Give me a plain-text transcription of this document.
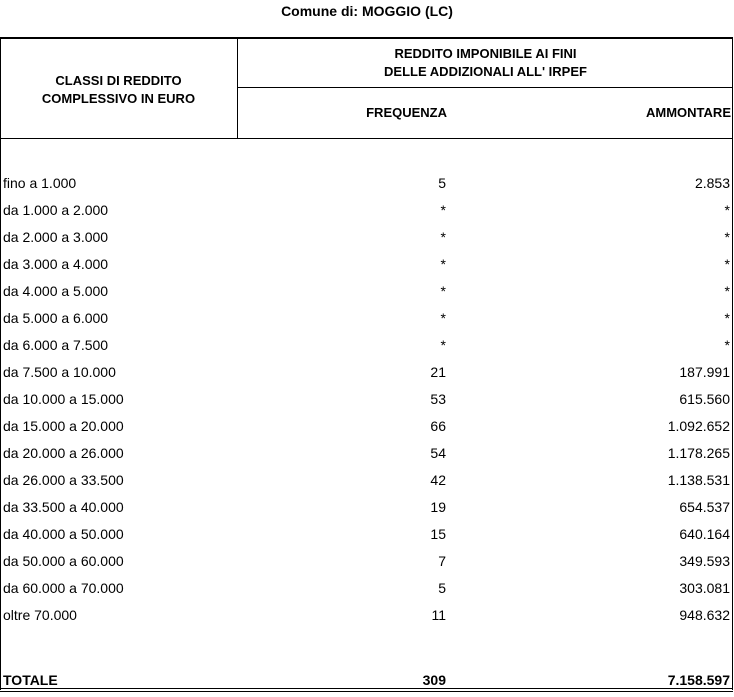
Comune di: MOGGIO (LC)
CLASSI DI REDDITO
COMPLESSIVO IN EURO
REDDITO IMPONIBILE AI FINI
DELLE ADDIZIONALI ALL' IRPEF
FREQUENZA	AMMONTARE
fino a 1.000	5	2.853
da 1.000 a 2.000	*	*
da 2.000 a 3.000	*	*
da 3.000 a 4.000	*	*
da 4.000 a 5.000	*	*
da 5.000 a 6.000	*	*
da 6.000 a 7.500	*	*
da 7.500 a 10.000	21	187.991
da 10.000 a 15.000	53	615.560
da 15.000 a 20.000	66	1.092.652
da 20.000 a 26.000	54	1.178.265
da 26.000 a 33.500	42	1.138.531
da 33.500 a 40.000	19	654.537
da 40.000 a 50.000	15	640.164
da 50.000 a 60.000	7	349.593
da 60.000 a 70.000	5	303.081
oltre 70.000	11	948.632
TOTALE	309	7.158.597
